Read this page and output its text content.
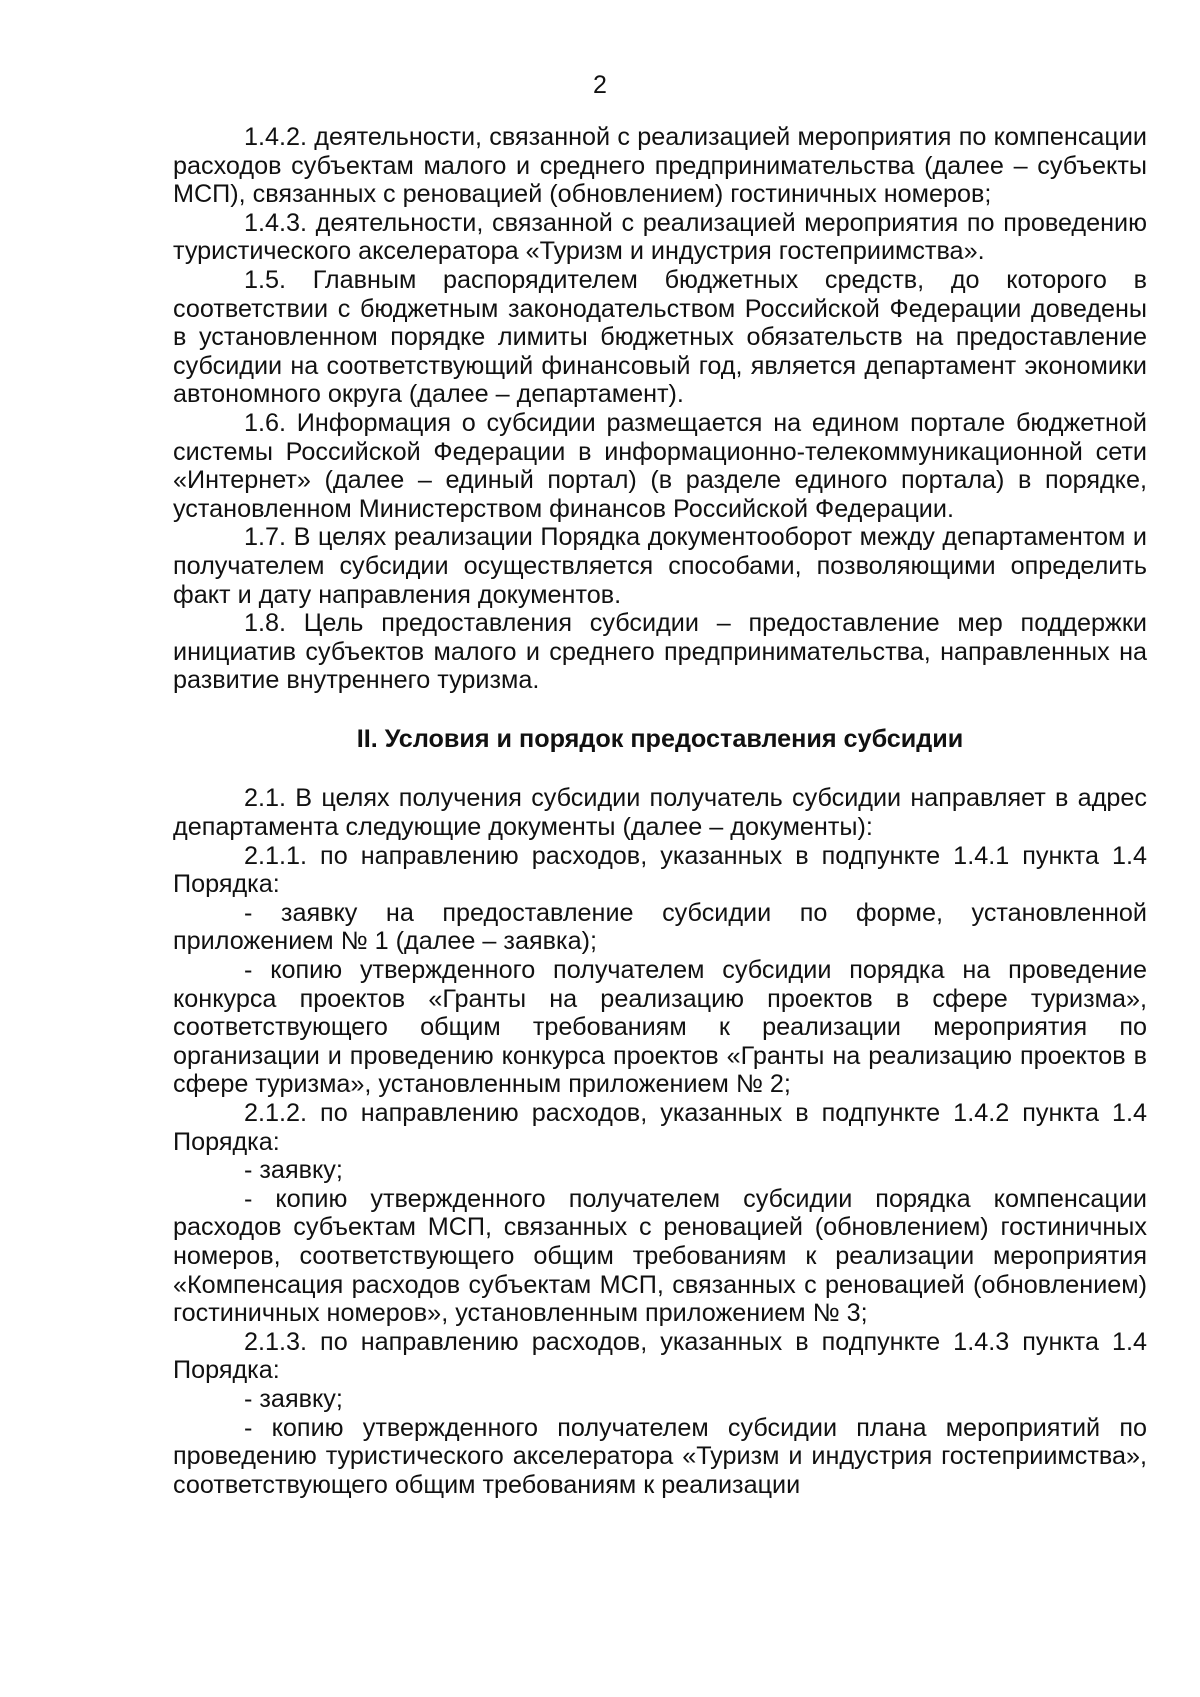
2

1.4.2. деятельности, связанной с реализацией мероприятия по компенсации расходов субъектам малого и среднего предпринимательства (далее – субъекты МСП), связанных с реновацией (обновлением) гостиничных номеров;

1.4.3. деятельности, связанной с реализацией мероприятия по проведению туристического акселератора «Туризм и индустрия гостеприимства».

1.5. Главным распорядителем бюджетных средств, до которого в соответствии с бюджетным законодательством Российской Федерации доведены в установленном порядке лимиты бюджетных обязательств на предоставление субсидии на соответствующий финансовый год, является департамент экономики автономного округа (далее – департамент).

1.6. Информация о субсидии размещается на едином портале бюджетной системы Российской Федерации в информационно-телекоммуникационной сети «Интернет» (далее – единый портал) (в разделе единого портала) в порядке, установленном Министерством финансов Российской Федерации.

1.7. В целях реализации Порядка документооборот между департаментом и получателем субсидии осуществляется способами, позволяющими определить факт и дату направления документов.

1.8. Цель предоставления субсидии – предоставление мер поддержки инициатив субъектов малого и среднего предпринимательства, направленных на развитие внутреннего туризма.

II. Условия и порядок предоставления субсидии

2.1. В целях получения субсидии получатель субсидии направляет в адрес департамента следующие документы (далее – документы):

2.1.1. по направлению расходов, указанных в подпункте 1.4.1 пункта 1.4 Порядка:

- заявку на предоставление субсидии по форме, установленной приложением № 1 (далее – заявка);

- копию утвержденного получателем субсидии порядка на проведение конкурса проектов «Гранты на реализацию проектов в сфере туризма», соответствующего общим требованиям к реализации мероприятия по организации и проведению конкурса проектов «Гранты на реализацию проектов в сфере туризма», установленным приложением № 2;

2.1.2. по направлению расходов, указанных в подпункте 1.4.2 пункта 1.4 Порядка:

- заявку;

- копию утвержденного получателем субсидии порядка компенсации расходов субъектам МСП, связанных с реновацией (обновлением) гостиничных номеров, соответствующего общим требованиям к реализации мероприятия «Компенсация расходов субъектам МСП, связанных с реновацией (обновлением) гостиничных номеров», установленным приложением № 3;

2.1.3. по направлению расходов, указанных в подпункте 1.4.3 пункта 1.4 Порядка:

- заявку;

- копию утвержденного получателем субсидии плана мероприятий по проведению туристического акселератора «Туризм и индустрия гостеприимства», соответствующего общим требованиям к реализации
